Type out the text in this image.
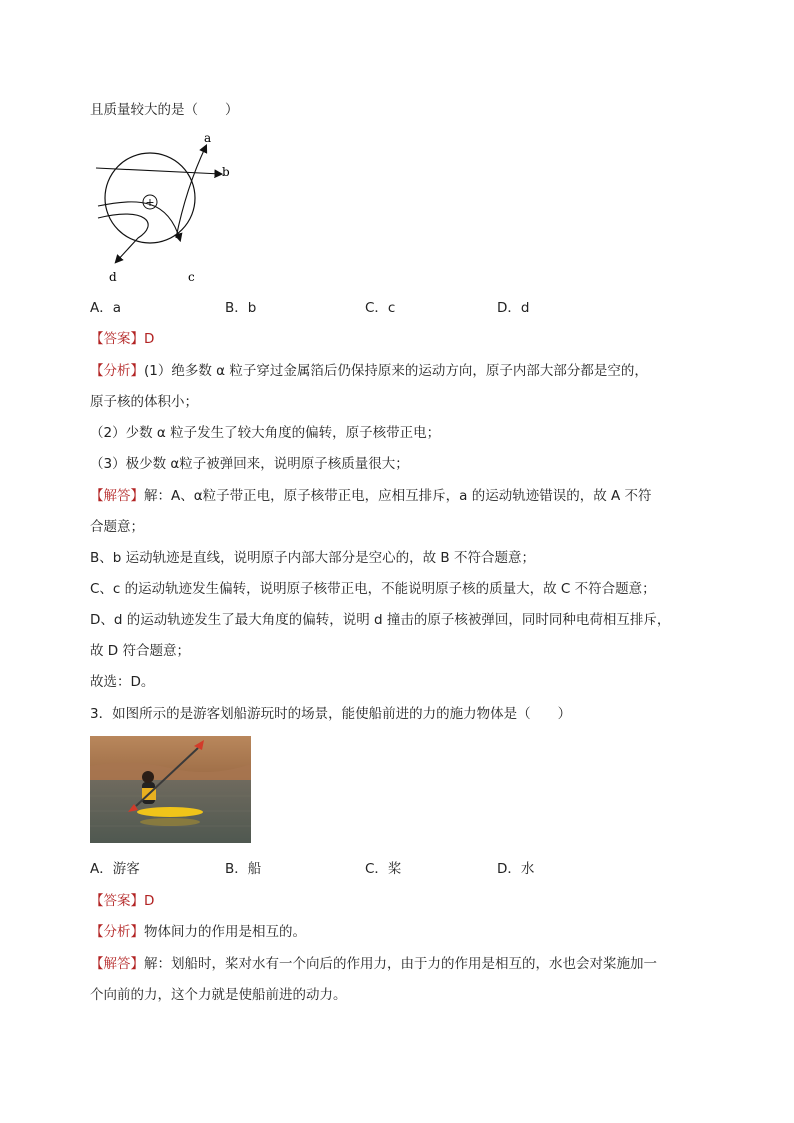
且质量较大的是（　　）
+
a
b
c
d
A．a	B．b	C．c	D．d
【答案】D
【分析】(1）绝多数 α 粒子穿过金属箔后仍保持原来的运动方向，原子内部大部分都是空的，
原子核的体积小；
（2）少数 α 粒子发生了较大角度的偏转，原子核带正电；
（3）极少数 α粒子被弹回来，说明原子核质量很大；
【解答】解：A、α粒子带正电，原子核带正电，应相互排斥，a 的运动轨迹错误的，故 A 不符
合题意；
B、b 运动轨迹是直线，说明原子内部大部分是空心的，故 B 不符合题意；
C、c 的运动轨迹发生偏转，说明原子核带正电，不能说明原子核的质量大，故 C 不符合题意；
D、d 的运动轨迹发生了最大角度的偏转，说明 d 撞击的原子核被弹回，同时同种电荷相互排斥，
故 D 符合题意；
故选：D。
3．如图所示的是游客划船游玩时的场景，能使船前进的力的施力物体是（　　）
A．游客	B．船	C．桨	D．水
【答案】D
【分析】物体间力的作用是相互的。
【解答】解：划船时，桨对水有一个向后的作用力，由于力的作用是相互的，水也会对桨施加一
个向前的力，这个力就是使船前进的动力。
